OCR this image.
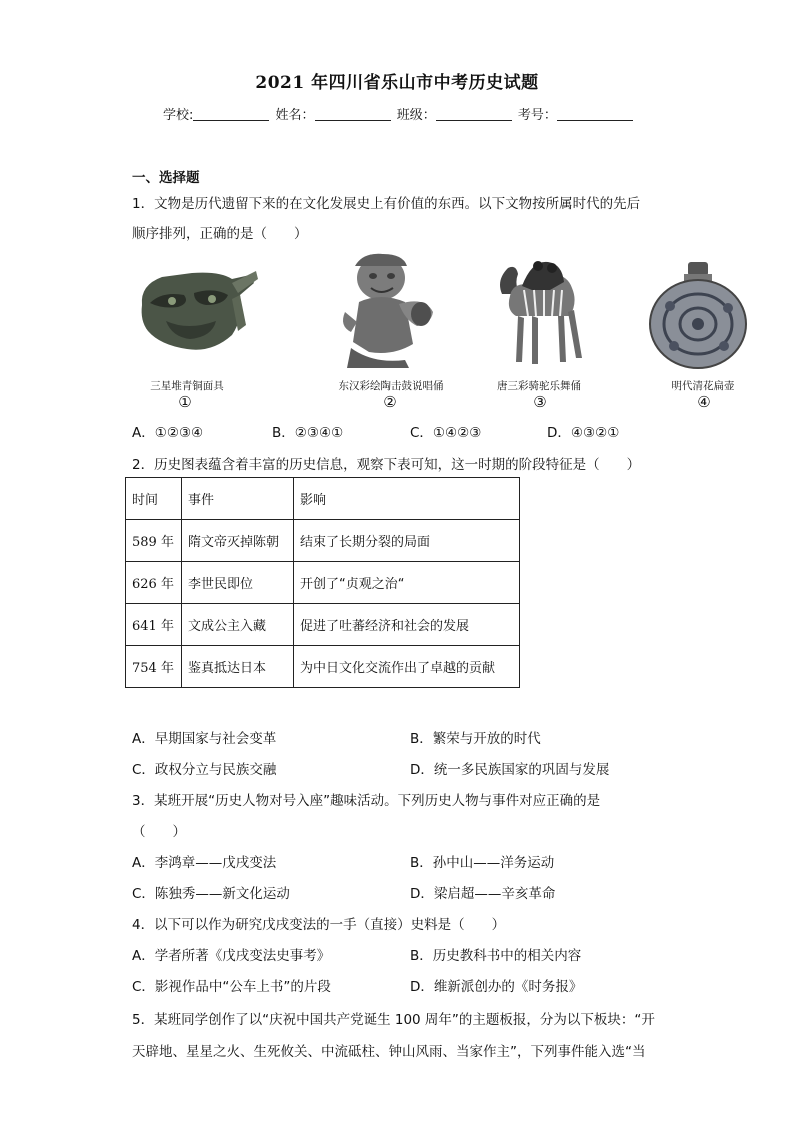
2021 年四川省乐山市中考历史试题
学校:	姓名：	班级：	考号：
一、选择题
1．文物是历代遗留下来的在文化发展史上有价值的东西。以下文物按所属时代的先后
顺序排列，正确的是（　　）
三星堆青铜面具
①
东汉彩绘陶击鼓说唱俑
②
唐三彩骑驼乐舞俑
③
明代清花扁壶
④
A．①②③④	B．②③④①	C．①④②③	D．④③②①
2．历史图表蕴含着丰富的历史信息，观察下表可知，这一时期的阶段特征是（　　）
时间	事件	影响
589 年	隋文帝灭掉陈朝	结束了长期分裂的局面
626 年	李世民即位	开创了“贞观之治“
641 年	文成公主入藏	促进了吐蕃经济和社会的发展
754 年	鉴真抵达日本	为中日文化交流作出了卓越的贡献
A．早期国家与社会变革	B．繁荣与开放的时代
C．政权分立与民族交融	D．统一多民族国家的巩固与发展
3．某班开展“历史人物对号入座”趣味活动。下列历史人物与事件对应正确的是
（　　）
A．李鸿章——戊戌变法	B．孙中山——洋务运动
C．陈独秀——新文化运动	D．梁启超——辛亥革命
4．以下可以作为研究戊戌变法的一手（直接）史料是（　　）
A．学者所著《戊戌变法史事考》	B．历史教科书中的相关内容
C．影视作品中“公车上书”的片段	D．维新派创办的《时务报》
5．某班同学创作了以“庆祝中国共产党诞生 100 周年”的主题板报，分为以下板块：“开
天辟地、星星之火、生死攸关、中流砥柱、钟山风雨、当家作主”，下列事件能入选“当
